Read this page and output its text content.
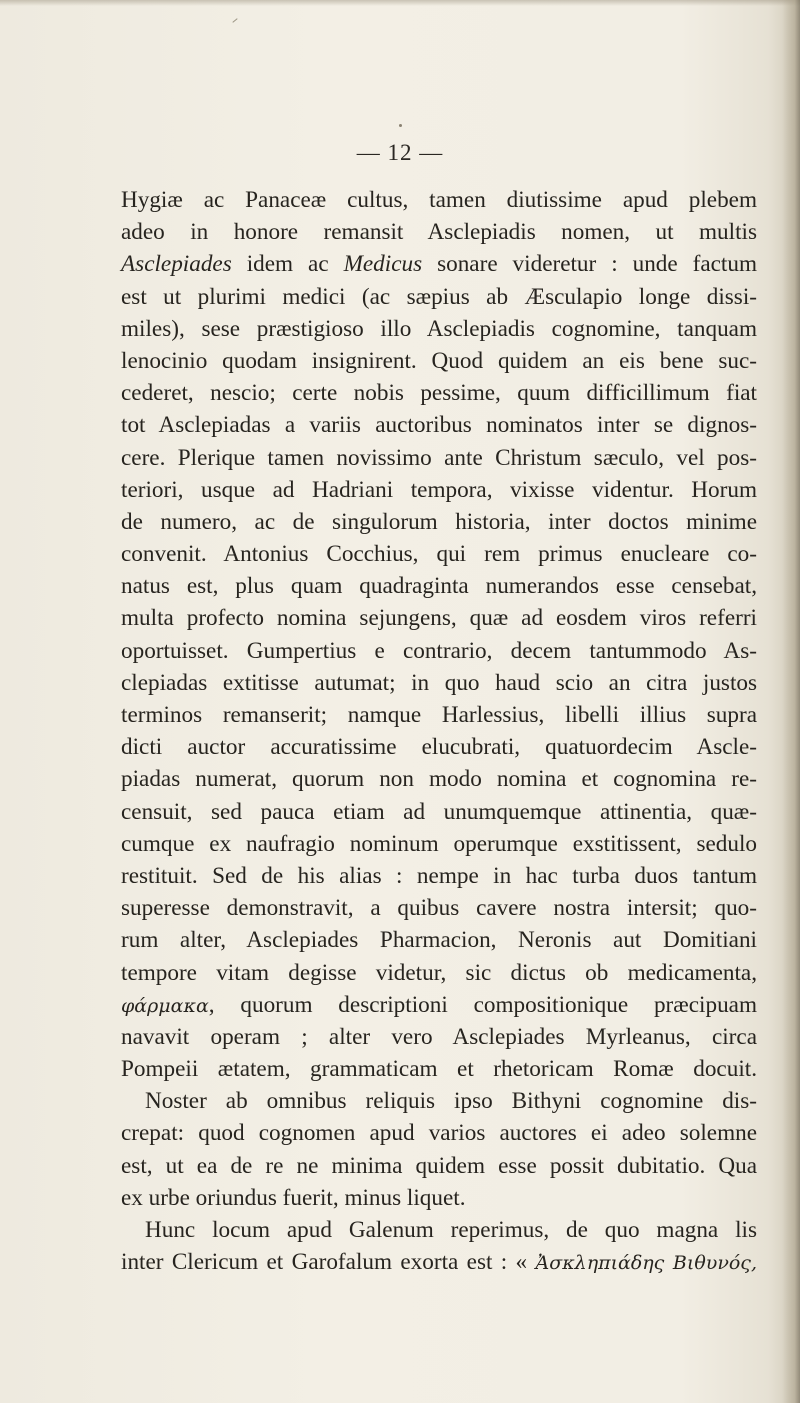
— 12 —
Hygiæ ac Panaceæ cultus, tamen diutissime apud plebem
adeo in honore remansit Asclepiadis nomen, ut multis
Asclepiades idem ac Medicus sonare videretur : unde factum
est ut plurimi medici (ac sæpius ab Æsculapio longe dissi-
miles), sese præstigioso illo Asclepiadis cognomine, tanquam
lenocinio quodam insignirent. Quod quidem an eis bene suc-
cederet, nescio; certe nobis pessime, quum difficillimum fiat
tot Asclepiadas a variis auctoribus nominatos inter se dignos-
cere. Plerique tamen novissimo ante Christum sæculo, vel pos-
teriori, usque ad Hadriani tempora, vixisse videntur. Horum
de numero, ac de singulorum historia, inter doctos minime
convenit. Antonius Cocchius, qui rem primus enucleare co-
natus est, plus quam quadraginta numerandos esse censebat,
multa profecto nomina sejungens, quæ ad eosdem viros referri
oportuisset. Gumpertius e contrario, decem tantummodo As-
clepiadas extitisse autumat; in quo haud scio an citra justos
terminos remanserit; namque Harlessius, libelli illius supra
dicti auctor accuratissime elucubrati, quatuordecim Ascle-
piadas numerat, quorum non modo nomina et cognomina re-
censuit, sed pauca etiam ad unumquemque attinentia, quæ-
cumque ex naufragio nominum operumque exstitissent, sedulo
restituit. Sed de his alias : nempe in hac turba duos tantum
superesse demonstravit, a quibus cavere nostra intersit; quo-
rum alter, Asclepiades Pharmacion, Neronis aut Domitiani
tempore vitam degisse videtur, sic dictus ob medicamenta,
φάρμακα, quorum descriptioni compositionique præcipuam
navavit operam ; alter vero Asclepiades Myrleanus, circa
Pompeii ætatem, grammaticam et rhetoricam Romæ docuit.
Noster ab omnibus reliquis ipso Bithyni cognomine dis-
crepat: quod cognomen apud varios auctores ei adeo solemne
est, ut ea de re ne minima quidem esse possit dubitatio. Qua
ex urbe oriundus fuerit, minus liquet.
Hunc locum apud Galenum reperimus, de quo magna lis
inter Clericum et Garofalum exorta est : « Ἀσκληπιάδης Βιθυνός,
